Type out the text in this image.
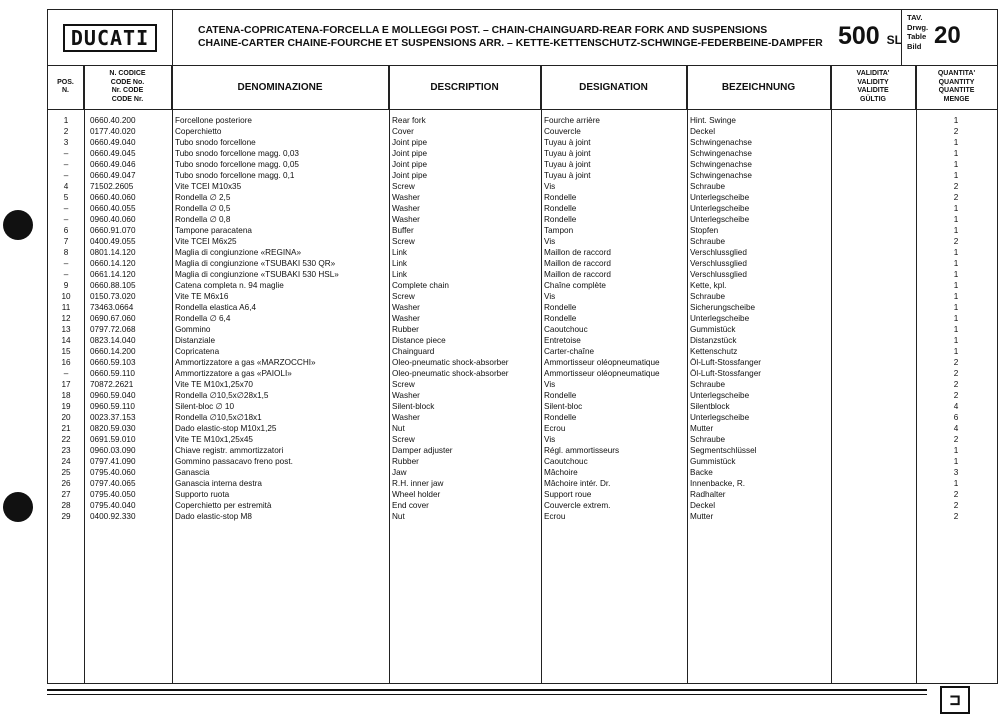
DUCATI	CATENA-COPRICATENA-FORCELLA E MOLLEGGI POST. – CHAIN-CHAINGUARD-REAR FORK AND SUSPENSIONS
CHAINE-CARTER CHAINE-FOURCHE ET SUSPENSIONS ARR. – KETTE-KETTENSCHUTZ-SCHWINGE-FEDERBEINE-DAMPFER 500 SL
TAV.
Drwg.
Table
Bild 20
POS.
N.
N. CODICE
CODE No.
Nr. CODE
CODE Nr.
DENOMINAZIONE	DESCRIPTION	DESIGNATION	BEZEICHNUNG
VALIDITA'
VALIDITY
VALIDITE
GÜLTIG
QUANTITA'
QUANTITY
QUANTITE
MENGE
1	0660.40.200	Forcellone posteriore	Rear fork	Fourche arrière	Hint. Swinge	1
2	0177.40.020	Coperchietto	Cover	Couvercle	Deckel	2
3	0660.49.040	Tubo snodo forcellone	Joint pipe	Tuyau à joint	Schwingenachse	1
–	0660.49.045	Tubo snodo forcellone magg. 0,03	Joint pipe	Tuyau à joint	Schwingenachse	1
–	0660.49.046	Tubo snodo forcellone magg. 0,05	Joint pipe	Tuyau à joint	Schwingenachse	1
–	0660.49.047	Tubo snodo forcellone magg. 0,1	Joint pipe	Tuyau à joint	Schwingenachse	1
4	71502.2605	Vite TCEI M10x35	Screw	Vis	Schraube	2
5	0660.40.060	Rondella ∅ 2,5	Washer	Rondelle	Unterlegscheibe	2
–	0660.40.055	Rondella ∅ 0,5	Washer	Rondelle	Unterlegscheibe	1
–	0960.40.060	Rondella ∅ 0,8	Washer	Rondelle	Unterlegscheibe	1
6	0660.91.070	Tampone paracatena	Buffer	Tampon	Stopfen	1
7	0400.49.055	Vite TCEI M6x25	Screw	Vis	Schraube	2
8	0801.14.120	Maglia di congiunzione «REGINA»	Link	Maillon de raccord	Verschlussglied	1
–	0660.14.120	Maglia di congiunzione «TSUBAKI 530 QR»	Link	Maillon de raccord	Verschlussglied	1
–	0661.14.120	Maglia di congiunzione «TSUBAKI 530 HSL»	Link	Maillon de raccord	Verschlussglied	1
9	0660.88.105	Catena completa n. 94 maglie	Complete chain	Chaîne complète	Kette, kpl.	1
10	0150.73.020	Vite TE M6x16	Screw	Vis	Schraube	1
11	73463.0664	Rondella elastica A6,4	Washer	Rondelle	Sicherungscheibe	1
12	0690.67.060	Rondella ∅ 6,4	Washer	Rondelle	Unterlegscheibe	1
13	0797.72.068	Gommino	Rubber	Caoutchouc	Gummistück	1
14	0823.14.040	Distanziale	Distance piece	Entretoise	Distanzstück	1
15	0660.14.200	Copricatena	Chainguard	Carter-chaîne	Kettenschutz	1
16	0660.59.103	Ammortizzatore a gas «MARZOCCHI»	Oleo-pneumatic shock-absorber	Ammortisseur oléopneumatique	Öl-Luft-Stossfanger	2
–	0660.59.110	Ammortizzatore a gas «PAIOLI»	Oleo-pneumatic shock-absorber	Ammortisseur oléopneumatique	Öl-Luft-Stossfanger	2
17	70872.2621	Vite TE M10x1,25x70	Screw	Vis	Schraube	2
18	0960.59.040	Rondella ∅10,5x∅28x1,5	Washer	Rondelle	Unterlegscheibe	2
19	0960.59.110	Silent-bloc ∅ 10	Silent-block	Silent-bloc	Silentblock	4
20	0023.37.153	Rondella ∅10,5x∅18x1	Washer	Rondelle	Unterlegscheibe	6
21	0820.59.030	Dado elastic-stop M10x1,25	Nut	Ecrou	Mutter	4
22	0691.59.010	Vite TE M10x1,25x45	Screw	Vis	Schraube	2
23	0960.03.090	Chiave registr. ammortizzatori	Damper adjuster	Régl. ammortisseurs	Segmentschlüssel	1
24	0797.41.090	Gommino passacavo freno post.	Rubber	Caoutchouc	Gummistück	1
25	0795.40.060	Ganascia	Jaw	Mâchoire	Backe	3
26	0797.40.065	Ganascia interna destra	R.H. inner jaw	Mâchoire intér. Dr.	Innenbacke, R.	1
27	0795.40.050	Supporto ruota	Wheel holder	Support roue	Radhalter	2
28	0795.40.040	Coperchietto per estremità	End cover	Couvercle extrem.	Deckel	2
29	0400.92.330	Dado elastic-stop M8	Nut	Ecrou	Mutter	2
⊐
